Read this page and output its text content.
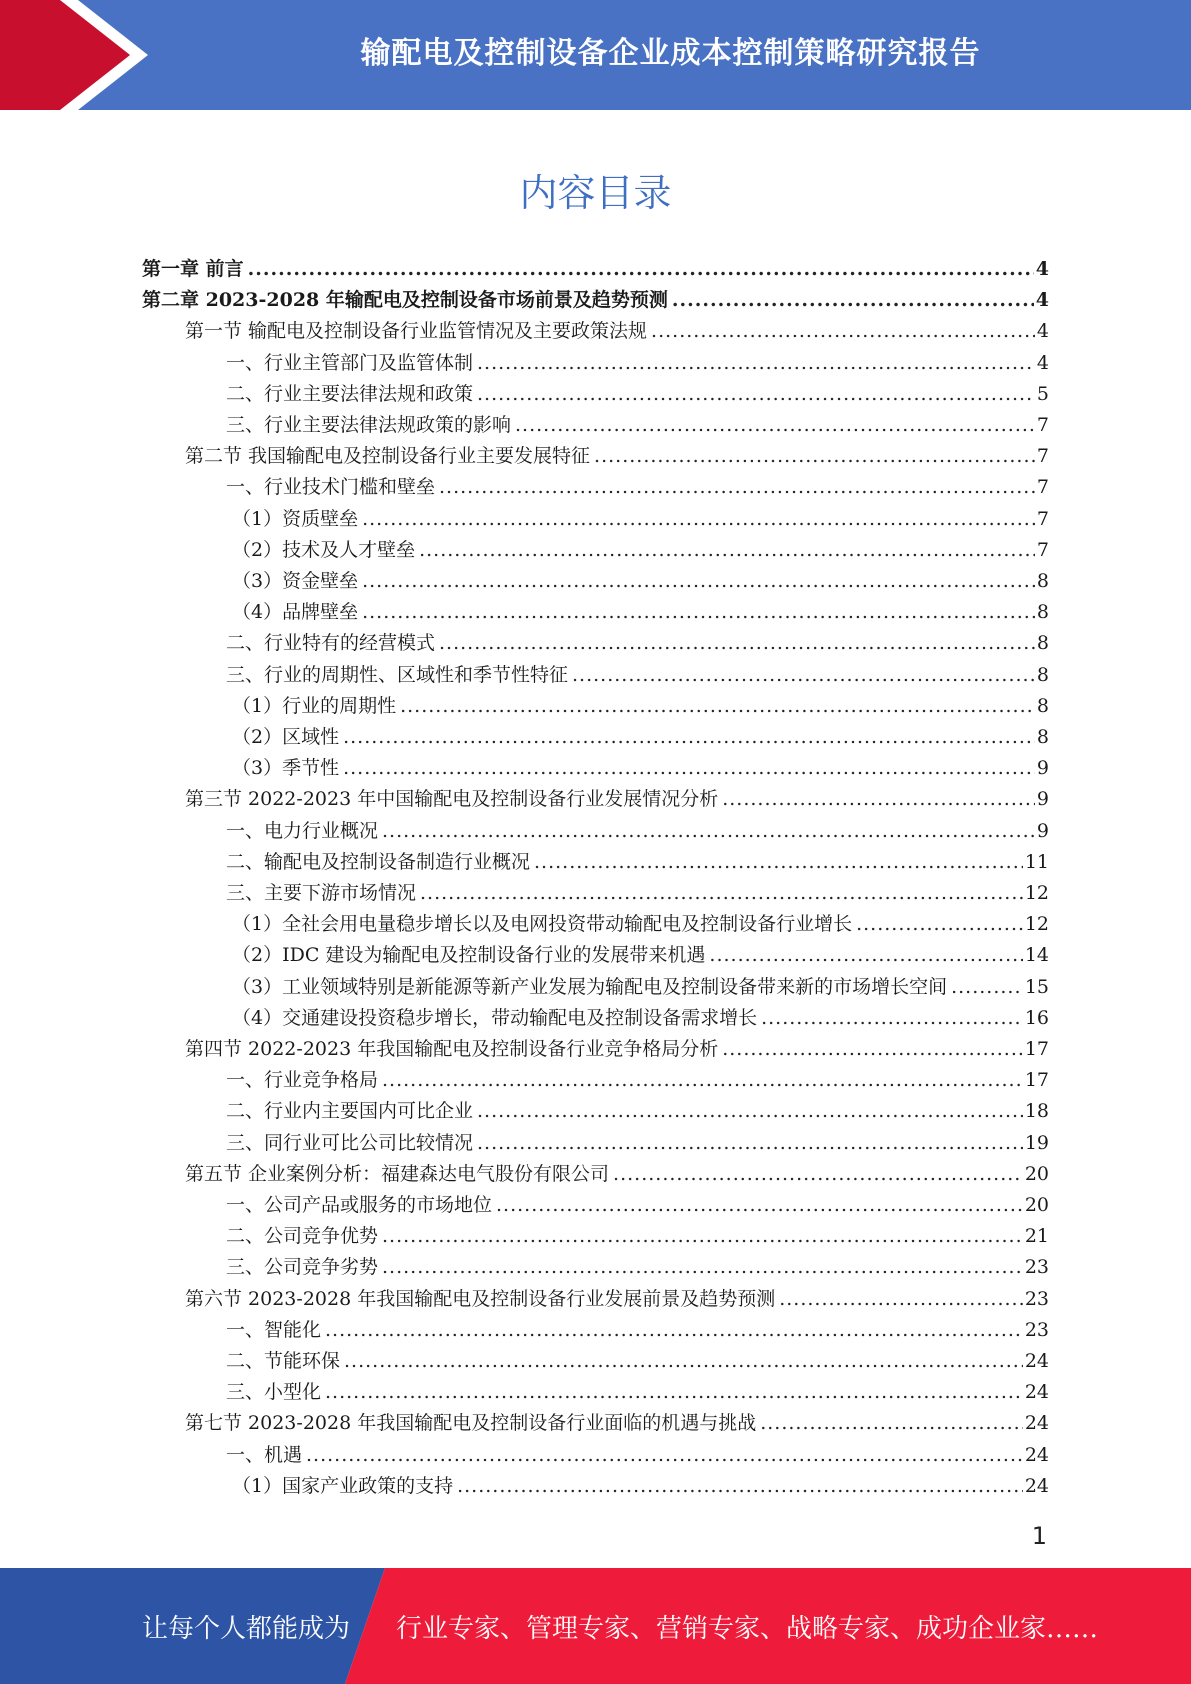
输配电及控制设备企业成本控制策略研究报告
内容目录
第一章 前言 .....	4
第二章 2023-2028 年输配电及控制设备市场前景及趋势预测 .....	4
第一节 输配电及控制设备行业监管情况及主要政策法规 .....	4
一、行业主管部门及监管体制 .....	4
二、行业主要法律法规和政策 .....	5
三、行业主要法律法规政策的影响 .....	7
第二节 我国输配电及控制设备行业主要发展特征 .....	7
一、行业技术门槛和壁垒 .....	7
（1）资质壁垒 .....	7
（2）技术及人才壁垒 .....	7
（3）资金壁垒 .....	8
（4）品牌壁垒 .....	8
二、行业特有的经营模式 .....	8
三、行业的周期性、区域性和季节性特征 .....	8
（1）行业的周期性 .....	8
（2）区域性 .....	8
（3）季节性 .....	9
第三节 2022-2023 年中国输配电及控制设备行业发展情况分析 .....	9
一、电力行业概况 .....	9
二、输配电及控制设备制造行业概况 .....	11
三、主要下游市场情况 .....	12
（1）全社会用电量稳步增长以及电网投资带动输配电及控制设备行业增长 .....	12
（2）IDC 建设为输配电及控制设备行业的发展带来机遇 .....	14
（3）工业领域特别是新能源等新产业发展为输配电及控制设备带来新的市场增长空间 .....	15
（4）交通建设投资稳步增长，带动输配电及控制设备需求增长 .....	16
第四节 2022-2023 年我国输配电及控制设备行业竞争格局分析 .....	17
一、行业竞争格局 .....	17
二、行业内主要国内可比企业 .....	18
三、同行业可比公司比较情况 .....	19
第五节 企业案例分析：福建森达电气股份有限公司 .....	20
一、公司产品或服务的市场地位 .....	20
二、公司竞争优势 .....	21
三、公司竞争劣势 .....	23
第六节 2023-2028 年我国输配电及控制设备行业发展前景及趋势预测 .....	23
一、智能化 .....	23
二、节能环保 .....	24
三、小型化 .....	24
第七节 2023-2028 年我国输配电及控制设备行业面临的机遇与挑战 .....	24
一、机遇 .....	24
（1）国家产业政策的支持 .....	24
1
让每个人都能成为 行业专家、管理专家、营销专家、战略专家、成功企业家……
